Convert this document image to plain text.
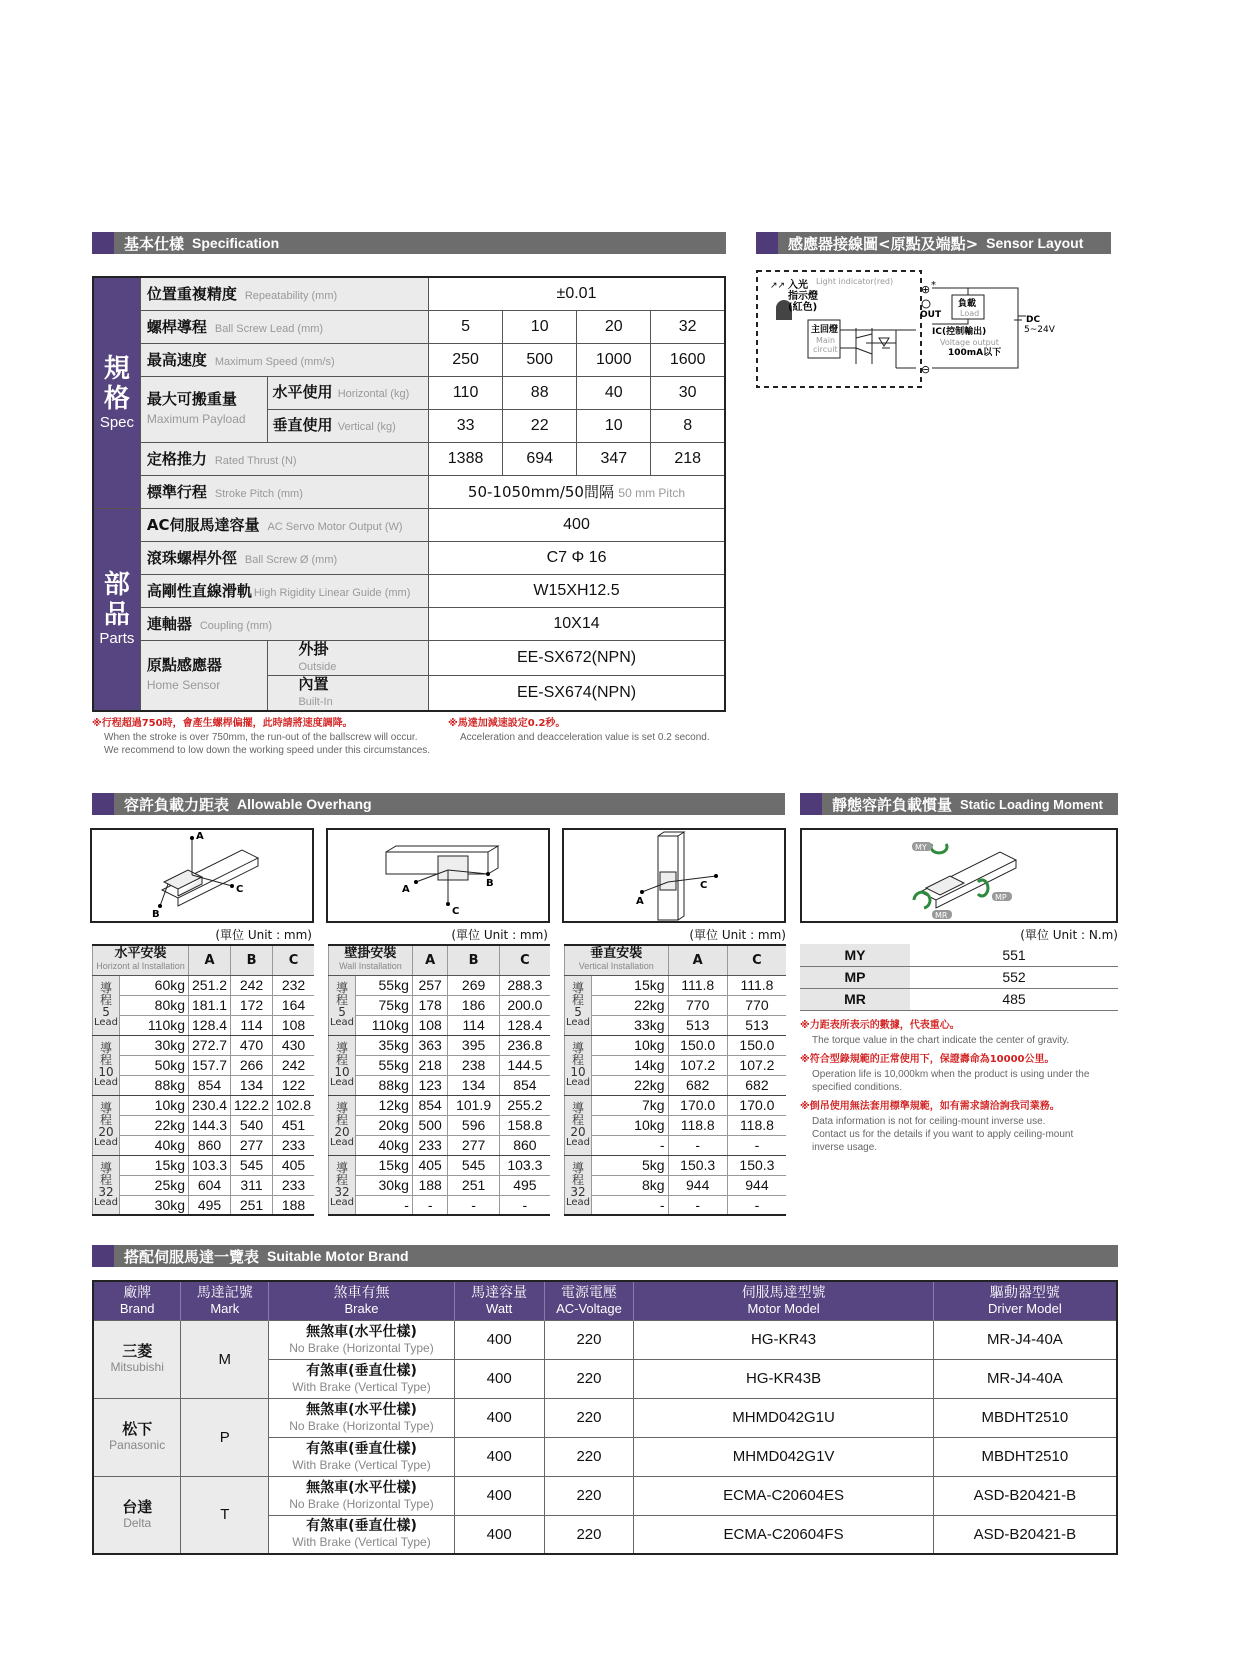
基本仕樣 Specification	感應器接線圖<原點及端點> Sensor Layout
規格
Spec	位置重複精度 Repeatability (mm)		±0.01			
	螺桿導程 Ball Screw Lead (mm)		5	10	20	32
	最高速度 Maximum Speed (mm/s)		250	500	1000	1600
	最大可搬重量
Maximum Payload	水平使用 Horizontal (kg)	110	88	40	30
		垂直使用 Vertical (kg)	33	22	10	8
	定格推力 Rated Thrust (N)		1388	694	347	218
	標準行程 Stroke Pitch (mm)		50-1050mm/50間隔 50 mm Pitch			

部品
Parts	AC伺服馬達容量 AC Servo Motor Output (W)		400			
	滾珠螺桿外徑 Ball Screw Ø (mm)		C7 Φ 16			
	高剛性直線滑軌 High Rigidity Linear Guide (mm)		W15XH12.5			
	連軸器 Coupling (mm)		10X14			
	原點感應器
Home Sensor	外掛
Outside	EE-SX672(NPN)			

		內置
Built-In	EE-SX674(NPN)			
※行程超過750時，會產生螺桿偏擺，此時請將速度調降。
When the stroke is over 750mm, the run-out of the ballscrew will occur.
We recommend to low down the working speed under this circumstances.
※馬達加減速設定0.2秒。
Acceleration and deacceleration value is set 0.2 second.
↗↗ 入光
指示燈
(紅色)
Light indicator(red)
主回燈
Main
circuit
⊕ *
OUT
⊖
負載
Load
DC
5~24V
IC(控制輸出)
Voltage output
100mA以下
容許負載力距表 Allowable Overhang	靜態容許負載慣量 Static Loading Moment
A
C
B
A
B
C
A
C
MY
MP
MR
(單位 Unit : mm)	(單位 Unit : mm)	(單位 Unit : mm)	(單位 Unit : N.m)
水平安裝
Horizont al Installation		A	B	C

導
程
5
Lead	60kg	251.2	242	232
	80kg	181.1	172	164
	110kg	128.4	114	108

導
程
10
Lead	30kg	272.7	470	430
	50kg	157.7	266	242
	88kg	854	134	122

導
程
20
Lead	10kg	230.4	122.2	102.8
	22kg	144.3	540	451
	40kg	860	277	233

導
程
32
Lead	15kg	103.3	545	405
	25kg	604	311	233
	30kg	495	251	188
壁掛安裝
Wall Installation		A	B	C

導
程
5
Lead	55kg	257	269	288.3
	75kg	178	186	200.0
	110kg	108	114	128.4

導
程
10
Lead	35kg	363	395	236.8
	55kg	218	238	144.5
	88kg	123	134	854

導
程
20
Lead	12kg	854	101.9	255.2
	20kg	500	596	158.8
	40kg	233	277	860

導
程
32
Lead	15kg	405	545	103.3
	30kg	188	251	495
	-	-	-	-
垂直安裝
Vertical Installation		A	C

導
程
5
Lead	15kg	111.8	111.8
	22kg	770	770
	33kg	513	513

導
程
10
Lead	10kg	150.0	150.0
	14kg	107.2	107.2
	22kg	682	682

導
程
20
Lead	7kg	170.0	170.0
	10kg	118.8	118.8
	-	-	-

導
程
32
Lead	5kg	150.3	150.3
	8kg	944	944
	-	-	-
MY	551
MP	552
MR	485
※力距表所表示的數據，代表重心。
The torque value in the chart indicate the center of gravity.
※符合型錄規範的正常使用下，保證壽命為10000公里。
Operation life is 10,000km when the product is using under the
specified conditions.
※倒吊使用無法套用標準規範，如有需求請洽詢我司業務。
Data information is not for ceiling-mount inverse use.
Contact us for the details if you want to apply ceiling-mount
inverse usage.
搭配伺服馬達一覽表 Suitable Motor Brand
廠牌
Brand	馬達記號
Mark	煞車有無
Brake	馬達容量
Watt	電源電壓
AC-Voltage	伺服馬達型號
Motor Model	驅動器型號
Driver Model

三菱
Mitsubishi	M	無煞車(水平仕樣)
No Brake (Horizontal Type)	400	220	HG-KR43	MR-J4-40A
		有煞車(垂直仕樣)
With Brake (Vertical Type)	400	220	HG-KR43B	MR-J4-40A
松下
Panasonic	P	無煞車(水平仕樣)
No Brake (Horizontal Type)	400	220	MHMD042G1U	MBDHT2510
		有煞車(垂直仕樣)
With Brake (Vertical Type)	400	220	MHMD042G1V	MBDHT2510
台達
Delta	T	無煞車(水平仕樣)
No Brake (Horizontal Type)	400	220	ECMA-C20604ES	ASD-B20421-B
		有煞車(垂直仕樣)
With Brake (Vertical Type)	400	220	ECMA-C20604FS	ASD-B20421-B
